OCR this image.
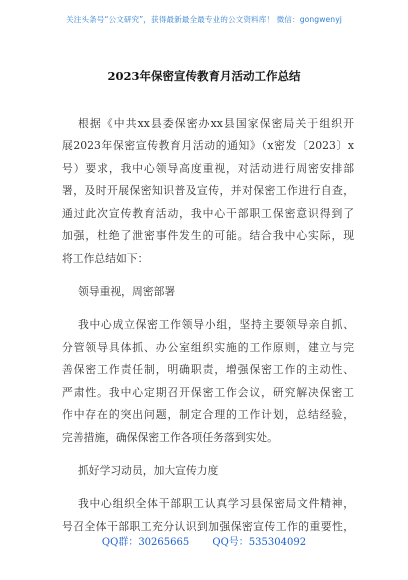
关注头条号“公文研究”，获得最新最全最专业的公文资料库！ 微信：gongwenyj
2023年保密宣传教育月活动工作总结
根据《中共xx县委保密办xx县国家保密局关于组织开
展2023年保密宣传教育月活动的通知》（x密发〔2023〕x
号）要求，我中心领导高度重视，对活动进行周密安排部
署，及时开展保密知识普及宣传，并对保密工作进行自查，
通过此次宣传教育活动，我中心干部职工保密意识得到了
加强，杜绝了泄密事件发生的可能。结合我中心实际，现
将工作总结如下：
领导重视，周密部署
我中心成立保密工作领导小组，坚持主要领导亲自抓、
分管领导具体抓、办公室组织实施的工作原则，建立与完
善保密工作责任制，明确职责，增强保密工作的主动性、
严肃性。我中心定期召开保密工作会议，研究解决保密工
作中存在的突出问题，制定合理的工作计划，总结经验，
完善措施，确保保密工作各项任务落到实处。
抓好学习动员，加大宣传力度
我中心组织全体干部职工认真学习县保密局文件精神，
号召全体干部职工充分认识到加强保密宣传工作的重要性，
QQ群：30265665 QQ号：535304092
